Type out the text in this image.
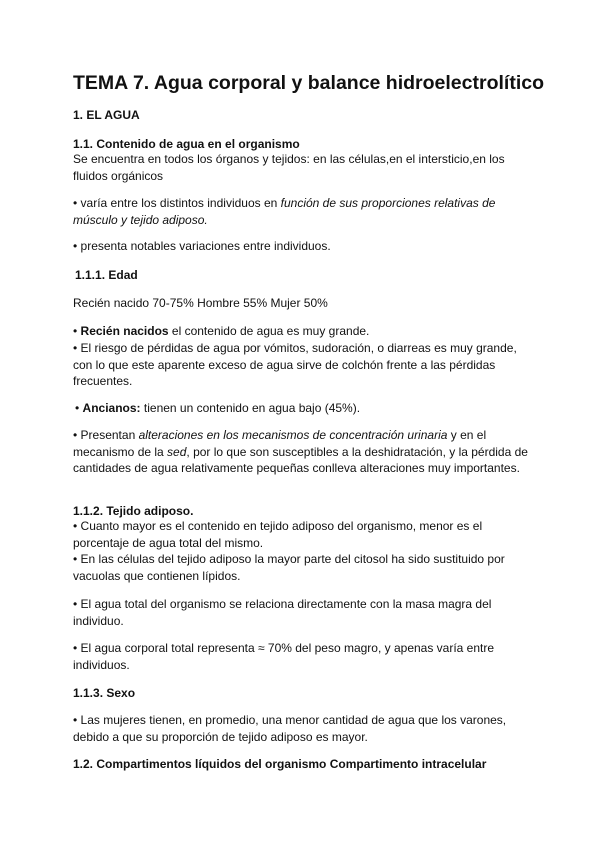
TEMA 7. Agua corporal y balance hidroelectrolítico
1. EL AGUA
1.1. Contenido de agua en el organismo
Se encuentra en todos los órganos y tejidos: en las células,en el intersticio,en los fluidos orgánicos
• varía entre los distintos individuos en función de sus proporciones relativas de músculo y tejido adiposo.
• presenta notables variaciones entre individuos.
1.1.1. Edad
Recién nacido 70-75% Hombre 55% Mujer 50%
• Recién nacidos el contenido de agua es muy grande.
• El riesgo de pérdidas de agua por vómitos, sudoración, o diarreas es muy grande, con lo que este aparente exceso de agua sirve de colchón frente a las pérdidas frecuentes.
• Ancianos: tienen un contenido en agua bajo (45%).
• Presentan alteraciones en los mecanismos de concentración urinaria y en el mecanismo de la sed, por lo que son susceptibles a la deshidratación, y la pérdida de cantidades de agua relativamente pequeñas conlleva alteraciones muy importantes.
1.1.2. Tejido adiposo.
• Cuanto mayor es el contenido en tejido adiposo del organismo, menor es el porcentaje de agua total del mismo.
• En las células del tejido adiposo la mayor parte del citosol ha sido sustituido por vacuolas que contienen lípidos.
• El agua total del organismo se relaciona directamente con la masa magra del individuo.
• El agua corporal total representa ≈ 70% del peso magro, y apenas varía entre individuos.
1.1.3. Sexo
• Las mujeres tienen, en promedio, una menor cantidad de agua que los varones, debido a que su proporción de tejido adiposo es mayor.
1.2. Compartimentos líquidos del organismo Compartimento intracelular
